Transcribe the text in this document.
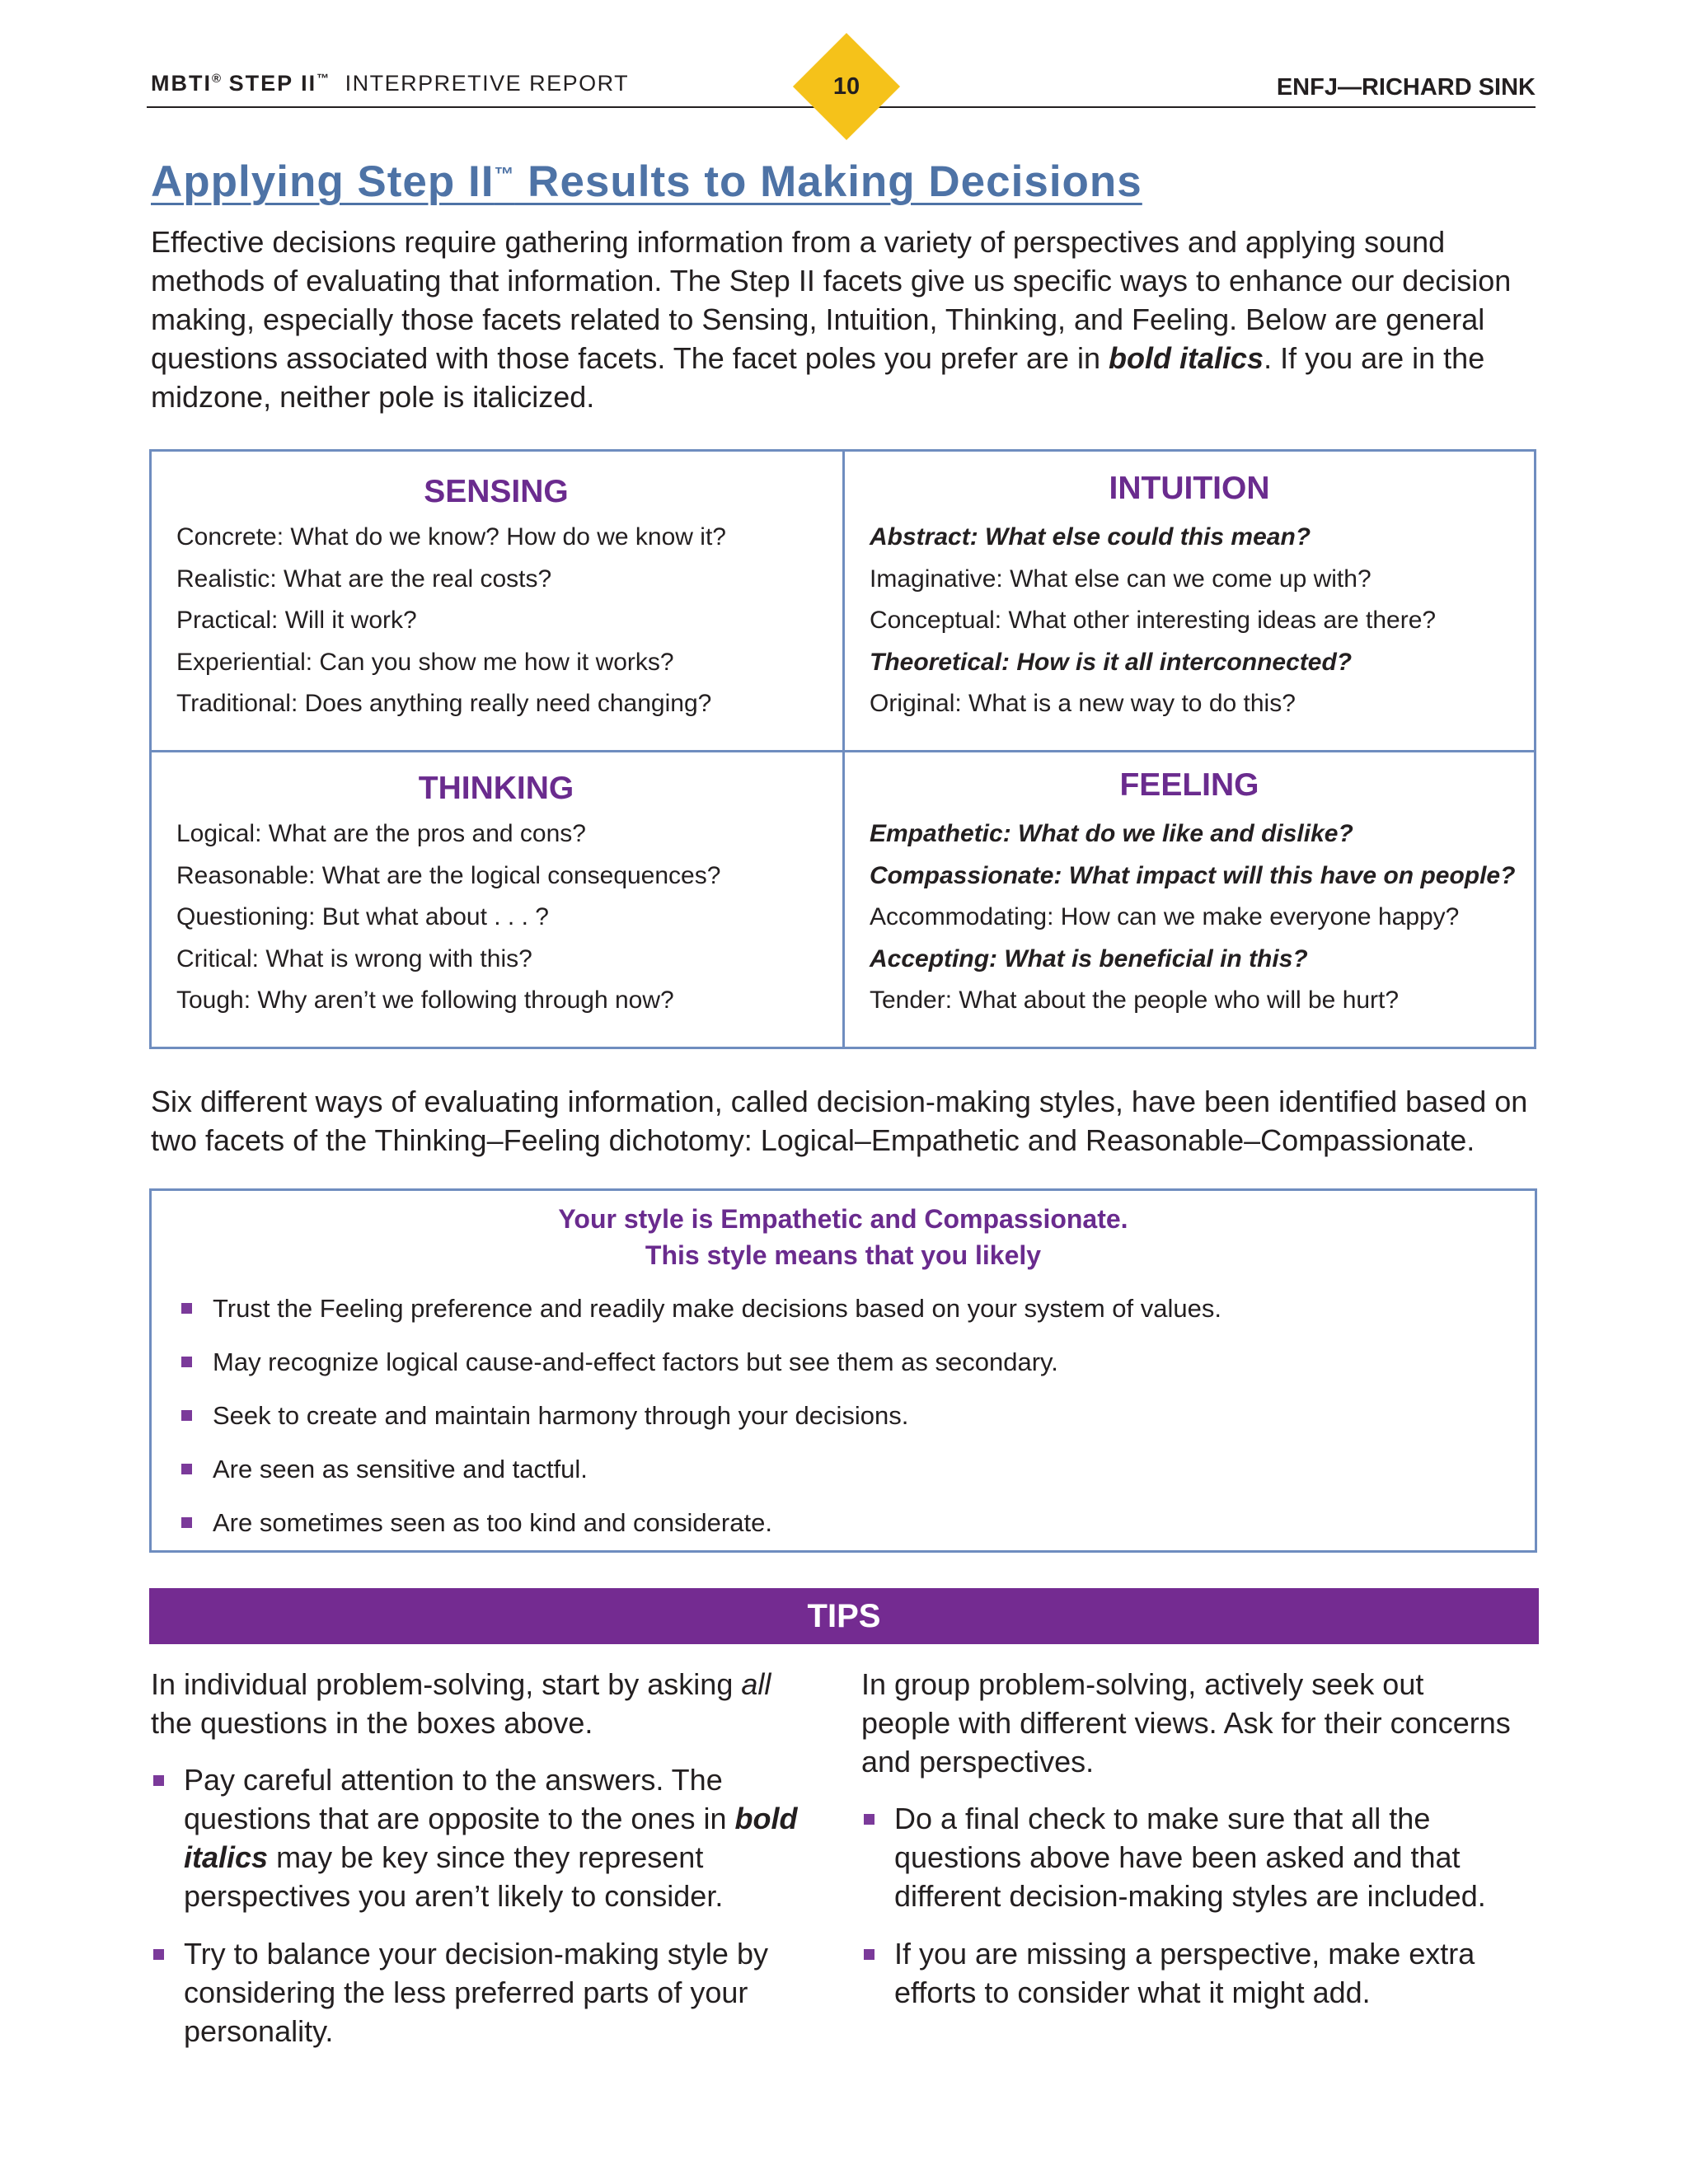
MBTI® STEP II™ INTERPRETIVE REPORT	10	ENFJ—RICHARD SINK
Applying Step II™ Results to Making Decisions
Effective decisions require gathering information from a variety of perspectives and applying sound methods of evaluating that information. The Step II facets give us specific ways to enhance our decision making, especially those facets related to Sensing, Intuition, Thinking, and Feeling. Below are general questions associated with those facets. The facet poles you prefer are in bold italics. If you are in the midzone, neither pole is italicized.
SENSING
Concrete: What do we know? How do we know it?
Realistic: What are the real costs?
Practical: Will it work?
Experiential: Can you show me how it works?
Traditional: Does anything really need changing?
INTUITION
Abstract: What else could this mean?
Imaginative: What else can we come up with?
Conceptual: What other interesting ideas are there?
Theoretical: How is it all interconnected?
Original: What is a new way to do this?
THINKING
Logical: What are the pros and cons?
Reasonable: What are the logical consequences?
Questioning: But what about . . . ?
Critical: What is wrong with this?
Tough: Why aren’t we following through now?
FEELING
Empathetic: What do we like and dislike?
Compassionate: What impact will this have on people?
Accommodating: How can we make everyone happy?
Accepting: What is beneficial in this?
Tender: What about the people who will be hurt?
Six different ways of evaluating information, called decision-making styles, have been identified based on two facets of the Thinking–Feeling dichotomy: Logical–Empathetic and Reasonable–Compassionate.
Your style is Empathetic and Compassionate.
This style means that you likely
Trust the Feeling preference and readily make decisions based on your system of values.
May recognize logical cause-and-effect factors but see them as secondary.
Seek to create and maintain harmony through your decisions.
Are seen as sensitive and tactful.
Are sometimes seen as too kind and considerate.
TIPS

In individual problem-solving, start by asking all the questions in the boxes above.

Pay careful attention to the answers. The questions that are opposite to the ones in bold italics may be key since they represent perspectives you aren’t likely to consider.
Try to balance your decision-making style by considering the less preferred parts of your personality.

In group problem-solving, actively seek out people with different views. Ask for their concerns and perspectives.

Do a final check to make sure that all the questions above have been asked and that different decision-making styles are included.
If you are missing a perspective, make extra efforts to consider what it might add.
